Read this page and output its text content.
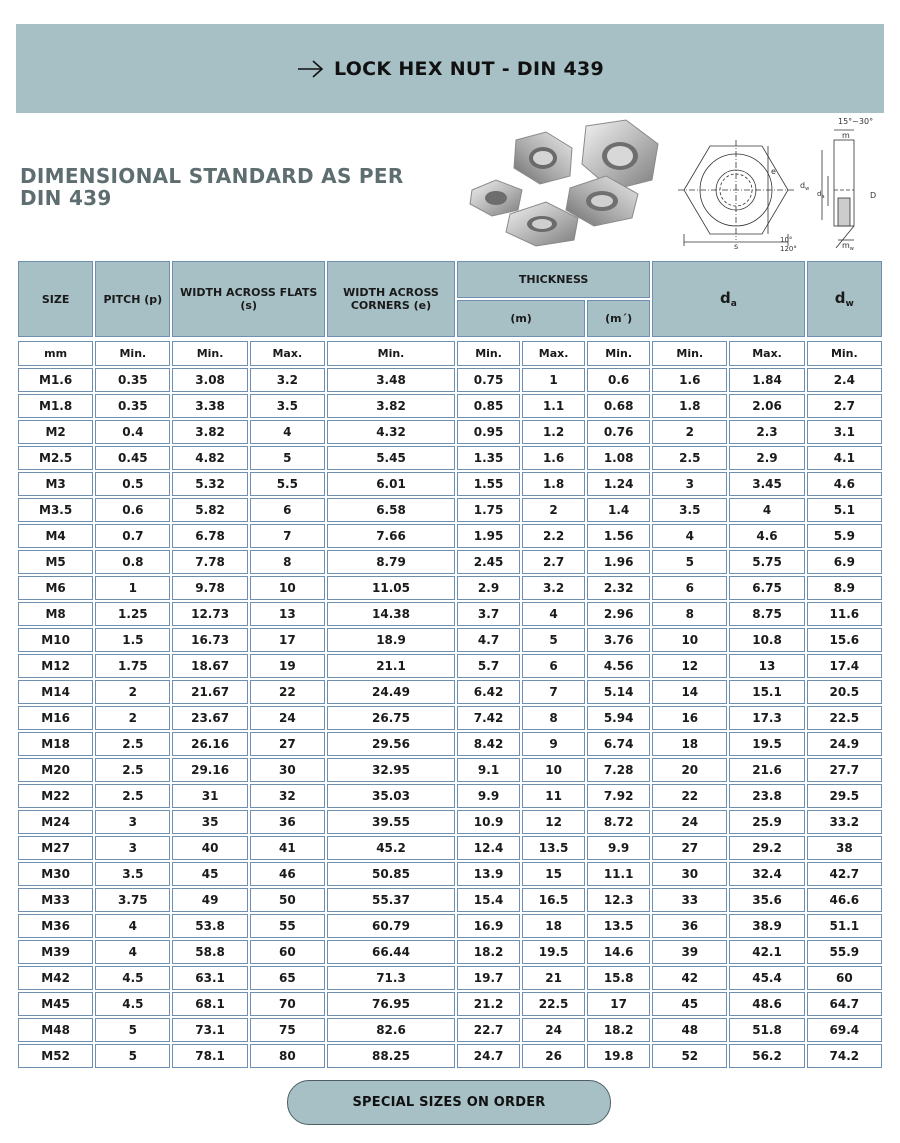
LOCK HEX NUT - DIN 439
DIMENSIONAL STANDARD AS PER
DIN 439
15°~30°
m
e
$d_w$
$d_a$	D
s
10°
120°	$m_w$
SIZE	PITCH (p)	WIDTH ACROSS FLATS (s)		WIDTH ACROSS CORNERS (e)	THICKNESS			$d_a$		$d_w$
					(m)		(m´)			

mm	Min.	Min.	Max.	Min.	Min.	Max.	Min.	Min.	Max.	Min.
M1.6	0.35	3.08	3.2	3.48	0.75	1	0.6	1.6	1.84	2.4
M1.8	0.35	3.38	3.5	3.82	0.85	1.1	0.68	1.8	2.06	2.7
M2	0.4	3.82	4	4.32	0.95	1.2	0.76	2	2.3	3.1
M2.5	0.45	4.82	5	5.45	1.35	1.6	1.08	2.5	2.9	4.1
M3	0.5	5.32	5.5	6.01	1.55	1.8	1.24	3	3.45	4.6
M3.5	0.6	5.82	6	6.58	1.75	2	1.4	3.5	4	5.1
M4	0.7	6.78	7	7.66	1.95	2.2	1.56	4	4.6	5.9
M5	0.8	7.78	8	8.79	2.45	2.7	1.96	5	5.75	6.9
M6	1	9.78	10	11.05	2.9	3.2	2.32	6	6.75	8.9
M8	1.25	12.73	13	14.38	3.7	4	2.96	8	8.75	11.6
M10	1.5	16.73	17	18.9	4.7	5	3.76	10	10.8	15.6
M12	1.75	18.67	19	21.1	5.7	6	4.56	12	13	17.4
M14	2	21.67	22	24.49	6.42	7	5.14	14	15.1	20.5
M16	2	23.67	24	26.75	7.42	8	5.94	16	17.3	22.5
M18	2.5	26.16	27	29.56	8.42	9	6.74	18	19.5	24.9
M20	2.5	29.16	30	32.95	9.1	10	7.28	20	21.6	27.7
M22	2.5	31	32	35.03	9.9	11	7.92	22	23.8	29.5
M24	3	35	36	39.55	10.9	12	8.72	24	25.9	33.2
M27	3	40	41	45.2	12.4	13.5	9.9	27	29.2	38
M30	3.5	45	46	50.85	13.9	15	11.1	30	32.4	42.7
M33	3.75	49	50	55.37	15.4	16.5	12.3	33	35.6	46.6
M36	4	53.8	55	60.79	16.9	18	13.5	36	38.9	51.1
M39	4	58.8	60	66.44	18.2	19.5	14.6	39	42.1	55.9
M42	4.5	63.1	65	71.3	19.7	21	15.8	42	45.4	60
M45	4.5	68.1	70	76.95	21.2	22.5	17	45	48.6	64.7
M48	5	73.1	75	82.6	22.7	24	18.2	48	51.8	69.4
M52	5	78.1	80	88.25	24.7	26	19.8	52	56.2	74.2
SPECIAL SIZES ON ORDER
